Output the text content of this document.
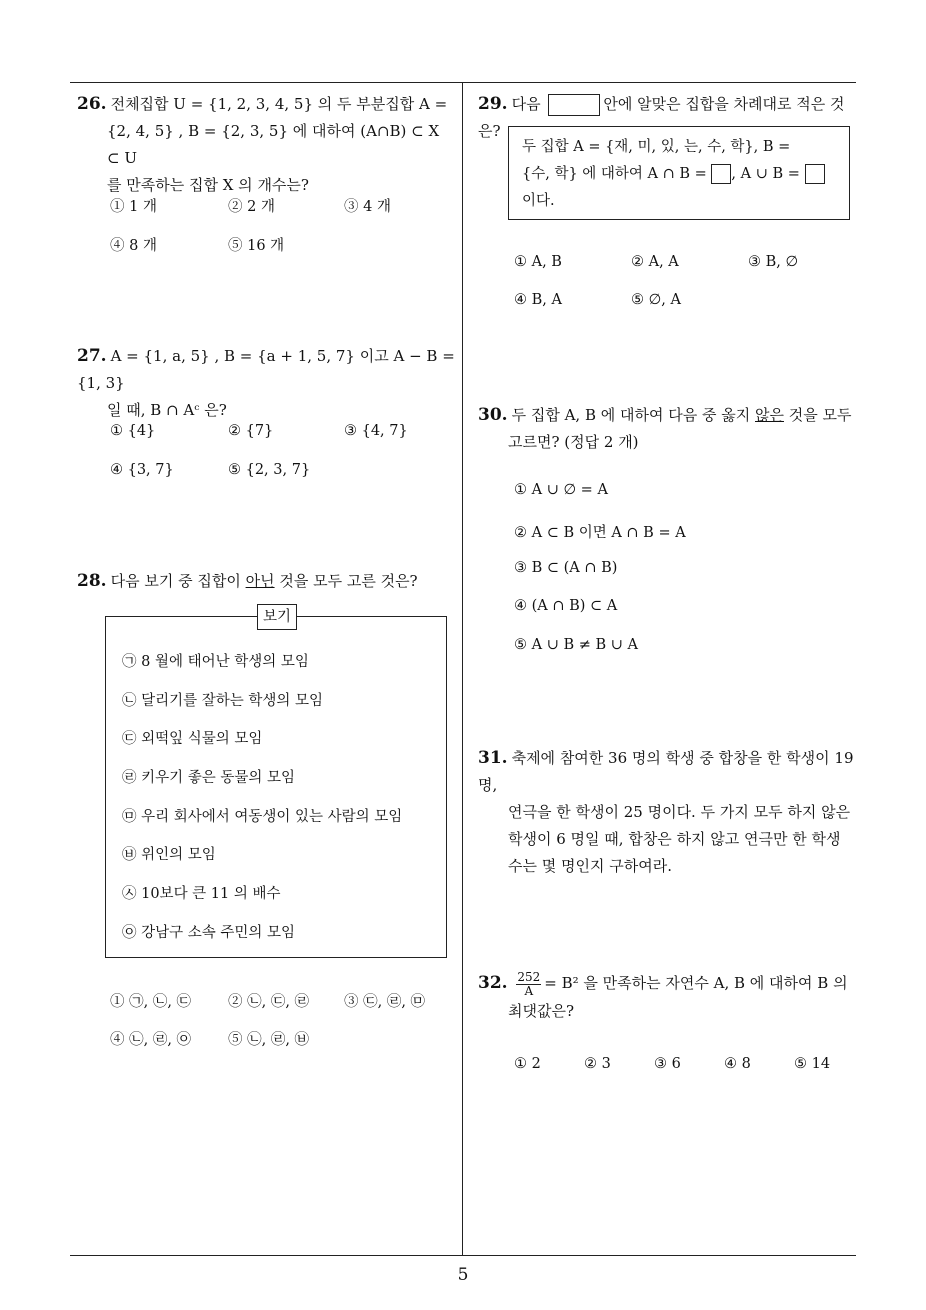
26. 전체집합 U = {1, 2, 3, 4, 5} 의 두 부분집합 A =
{2, 4, 5} , B = {2, 3, 5} 에 대하여 (A∩B) ⊂ X ⊂ U
를 만족하는 집합 X 의 개수는?
① 1 개	② 2 개	③ 4 개
④ 8 개	⑤ 16 개
27. A = {1, a, 5} , B = {a + 1, 5, 7} 이고 A − B = {1, 3}
일 때, B ∩ Aᶜ 은?
① {4}	② {7}	③ {4, 7}
④ {3, 7}	⑤ {2, 3, 7}
28. 다음 보기 중 집합이 아닌 것을 모두 고른 것은?
보기
㉠ 8 월에 태어난 학생의 모임
㉡ 달리기를 잘하는 학생의 모임
㉢ 외떡잎 식물의 모임
㉣ 키우기 좋은 동물의 모임
㉤ 우리 회사에서 여동생이 있는 사람의 모임
㉥ 위인의 모임
㉦ 10보다 큰 11 의 배수
㉧ 강남구 소속 주민의 모임
① ㉠, ㉡, ㉢	② ㉡, ㉢, ㉣ ③ ㉢, ㉣, ㉤
④ ㉡, ㉣, ㉧	⑤ ㉡, ㉣, ㉥
29. 다음	안에 알맞은 집합을 차례대로 적은 것은?
두 집합 A = {재, 미, 있, 는, 수, 학}, B =
{수, 학} 에 대하여 A ∩ B = , A ∪ B =
이다.
① A, B	② A, A	③ B, ∅
④ B, A	⑤ ∅, A
30. 두 집합 A, B 에 대하여 다음 중 옳지 않은 것을 모두
고르면? (정답 2 개)
① A ∪ ∅ = A
② A ⊂ B 이면 A ∩ B = A
③ B ⊂ (A ∩ B)
④ (A ∩ B) ⊂ A
⑤ A ∪ B ≠ B ∪ A
31. 축제에 참여한 36 명의 학생 중 합창을 한 학생이 19 명,
연극을 한 학생이 25 명이다. 두 가지 모두 하지 않은
학생이 6 명일 때, 합창은 하지 않고 연극만 한 학생
수는 몇 명인지 구하여라.
32. $\frac{252}{A} = B^2$ 을 만족하는 자연수 A, B 에 대하여 B 의
최댓값은?
① 2	② 3	③ 6	④ 8	⑤ 14
5
